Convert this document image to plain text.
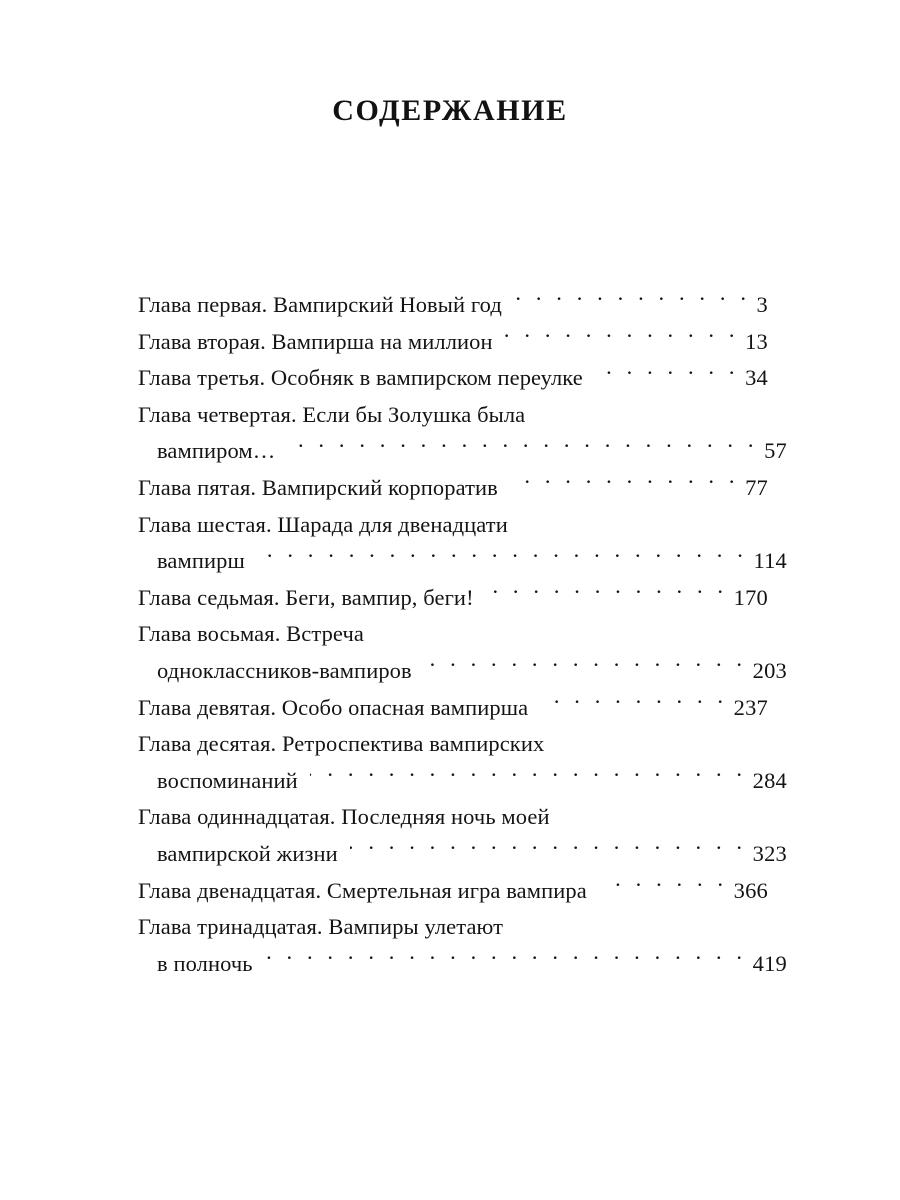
СОДЕРЖАНИЕ
Глава первая. Вампирский Новый год . . .	3
Глава вторая. Вампирша на миллион . . .	13
Глава третья. Особняк в вампирском переулке . . .	34
Глава четвертая. Если бы Золушка была
вампиром… . . .	57
Глава пятая. Вампирский корпоратив . . .	77
Глава шестая. Шарада для двенадцати
вампирш . . .	114
Глава седьмая. Беги, вампир, беги! . . .	170
Глава восьмая. Встреча
одноклассников-вампиров . . .	203
Глава девятая. Особо опасная вампирша . . .	237
Глава десятая. Ретроспектива вампирских
воспоминаний . . .	284
Глава одиннадцатая. Последняя ночь моей
вампирской жизни . . .	323
Глава двенадцатая. Смертельная игра вампира . . .	366
Глава тринадцатая. Вампиры улетают
в полночь . . .	419
